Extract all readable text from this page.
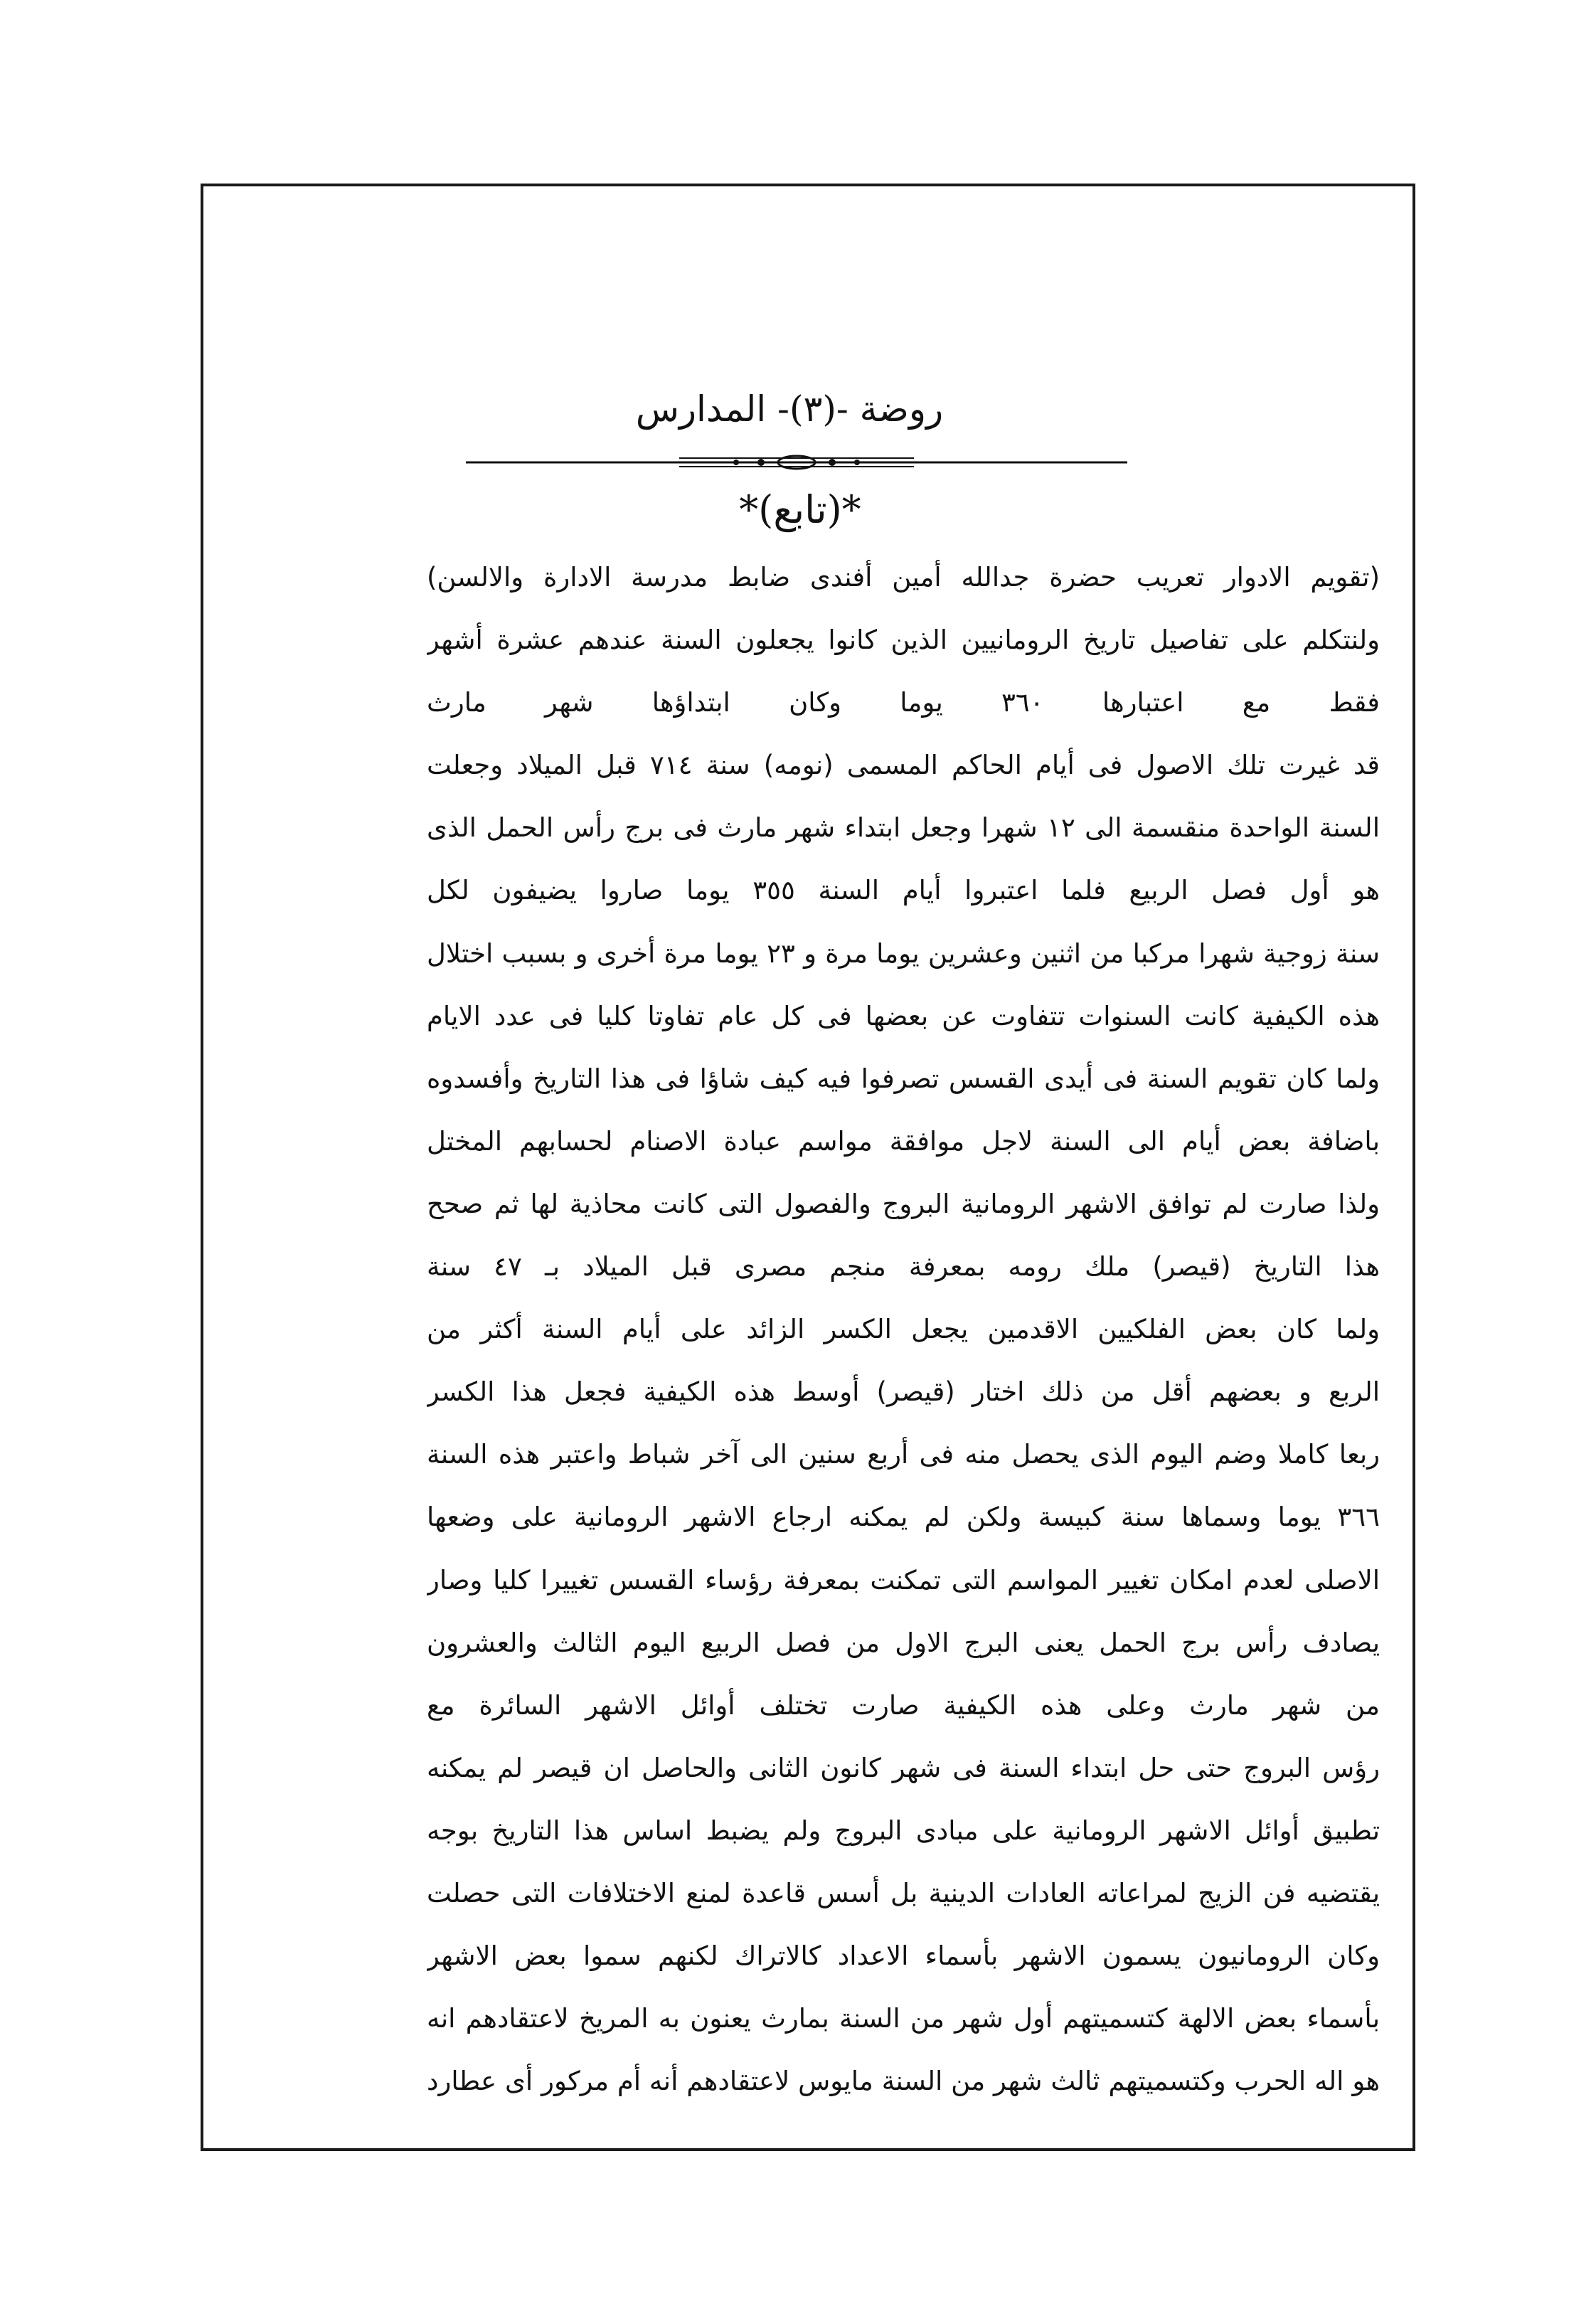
روضة -(٣)- المدارس
*(تابع)*
(تقويم الادوار تعريب حضرة جدالله أمين أفندى ضابط مدرسة الادارة والالسن)
ولنتكلم على تفاصيل تاريخ الرومانيين الذين كانوا يجعلون السنة عندهم عشرة أشهر
فقط مع اعتبارها ٣٦٠ يوما وكان ابتداؤها شهر مارث
قد غيرت تلك الاصول فى أيام الحاكم المسمى (نومه) سنة ٧١٤ قبل الميلاد وجعلت
السنة الواحدة منقسمة الى ١٢ شهرا وجعل ابتداء شهر مارث فى برج رأس الحمل الذى
هو أول فصل الربيع فلما اعتبروا أيام السنة ٣٥٥ يوما صاروا يضيفون لكل
سنة زوجية شهرا مركبا من اثنين وعشرين يوما مرة و ٢٣ يوما مرة أخرى و بسبب اختلال
هذه الكيفية كانت السنوات تتفاوت عن بعضها فى كل عام تفاوتا كليا فى عدد الايام
ولما كان تقويم السنة فى أيدى القسس تصرفوا فيه كيف شاؤا فى هذا التاريخ وأفسدوه
باضافة بعض أيام الى السنة لاجل موافقة مواسم عبادة الاصنام لحسابهم المختل
ولذا صارت لم توافق الاشهر الرومانية البروج والفصول التى كانت محاذية لها ثم صحح
هذا التاريخ (قيصر) ملك رومه بمعرفة منجم مصرى قبل الميلاد بـ ٤٧ سنة
ولما كان بعض الفلكيين الاقدمين يجعل الكسر الزائد على أيام السنة أكثر من
الربع و بعضهم أقل من ذلك اختار (قيصر) أوسط هذه الكيفية فجعل هذا الكسر
ربعا كاملا وضم اليوم الذى يحصل منه فى أربع سنين الى آخر شباط واعتبر هذه السنة
٣٦٦ يوما وسماها سنة كبيسة ولكن لم يمكنه ارجاع الاشهر الرومانية على وضعها
الاصلى لعدم امكان تغيير المواسم التى تمكنت بمعرفة رؤساء القسس تغييرا كليا وصار
يصادف رأس برج الحمل يعنى البرج الاول من فصل الربيع اليوم الثالث والعشرون
من شهر مارث وعلى هذه الكيفية صارت تختلف أوائل الاشهر السائرة مع
رؤس البروج حتى حل ابتداء السنة فى شهر كانون الثانى والحاصل ان قيصر لم يمكنه
تطبيق أوائل الاشهر الرومانية على مبادى البروج ولم يضبط اساس هذا التاريخ بوجه
يقتضيه فن الزيج لمراعاته العادات الدينية بل أسس قاعدة لمنع الاختلافات التى حصلت
وكان الرومانيون يسمون الاشهر بأسماء الاعداد كالاتراك لكنهم سموا بعض الاشهر
بأسماء بعض الالهة كتسميتهم أول شهر من السنة بمارث يعنون به المريخ لاعتقادهم انه
هو اله الحرب وكتسميتهم ثالث شهر من السنة مايوس لاعتقادهم أنه أم مركور أى عطارد
